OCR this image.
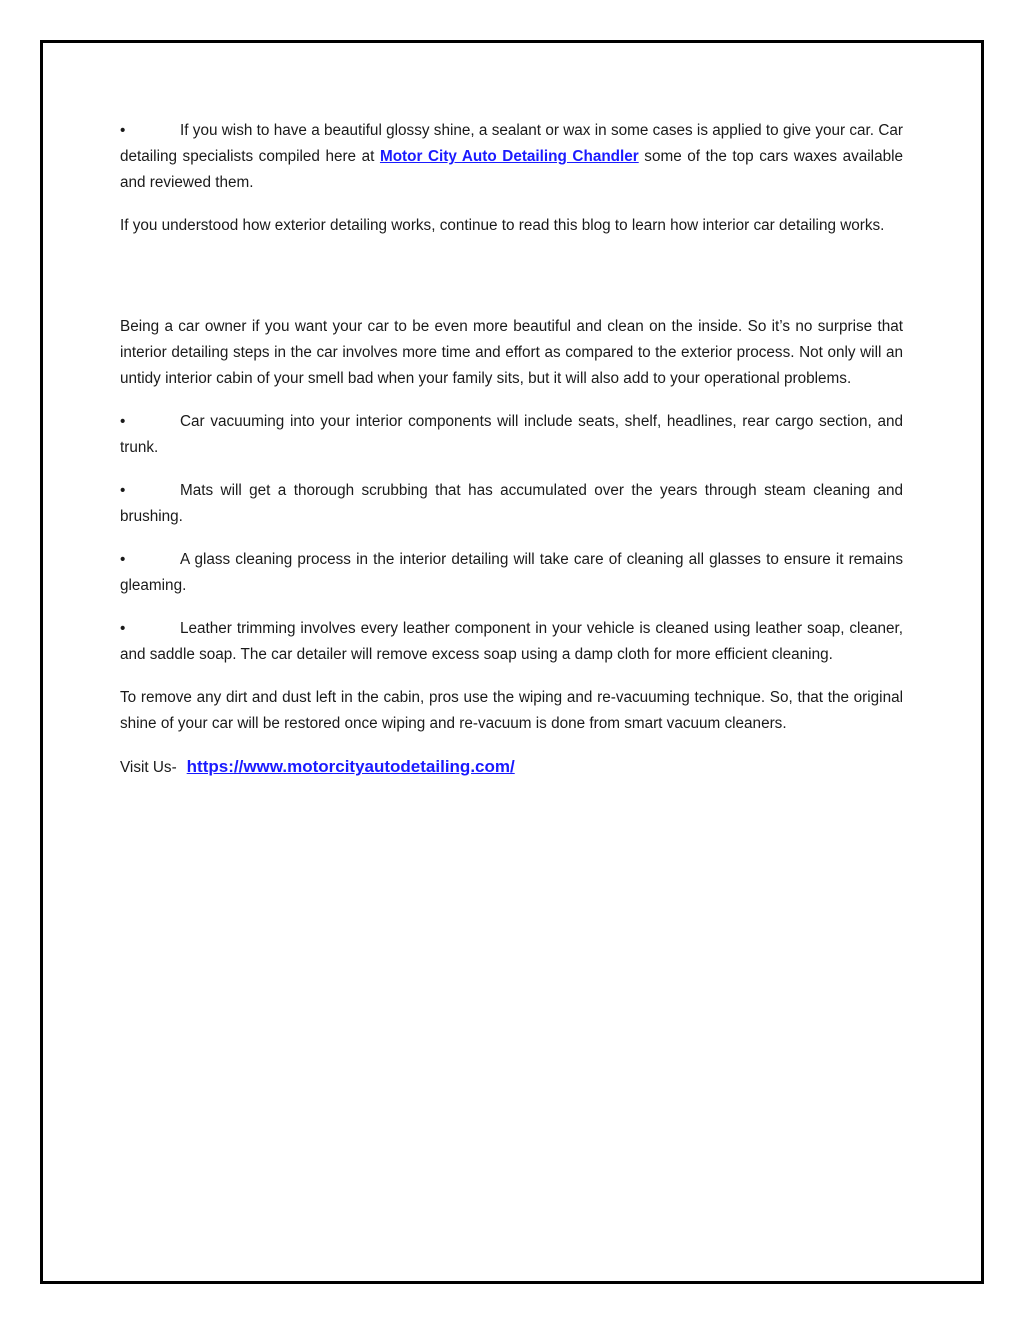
•	If you wish to have a beautiful glossy shine, a sealant or wax in some cases is applied to give your car. Car detailing specialists compiled here at Motor City Auto Detailing Chandler some of the top cars waxes available and reviewed them.

If you understood how exterior detailing works, continue to read this blog to learn how interior car detailing works.

Being a car owner if you want your car to be even more beautiful and clean on the inside. So it’s no surprise that interior detailing steps in the car involves more time and effort as compared to the exterior process. Not only will an untidy interior cabin of your smell bad when your family sits, but it will also add to your operational problems.

•	Car vacuuming into your interior components will include seats, shelf, headlines, rear cargo section, and trunk.

•	Mats will get a thorough scrubbing that has accumulated over the years through steam cleaning and brushing.

•	A glass cleaning process in the interior detailing will take care of cleaning all glasses to ensure it remains gleaming.

•	Leather trimming involves every leather component in your vehicle is cleaned using leather soap, cleaner, and saddle soap. The car detailer will remove excess soap using a damp cloth for more efficient cleaning.

To remove any dirt and dust left in the cabin, pros use the wiping and re-vacuuming technique. So, that the original shine of your car will be restored once wiping and re-vacuum is done from smart vacuum cleaners.

Visit Us- https://www.motorcityautodetailing.com/
